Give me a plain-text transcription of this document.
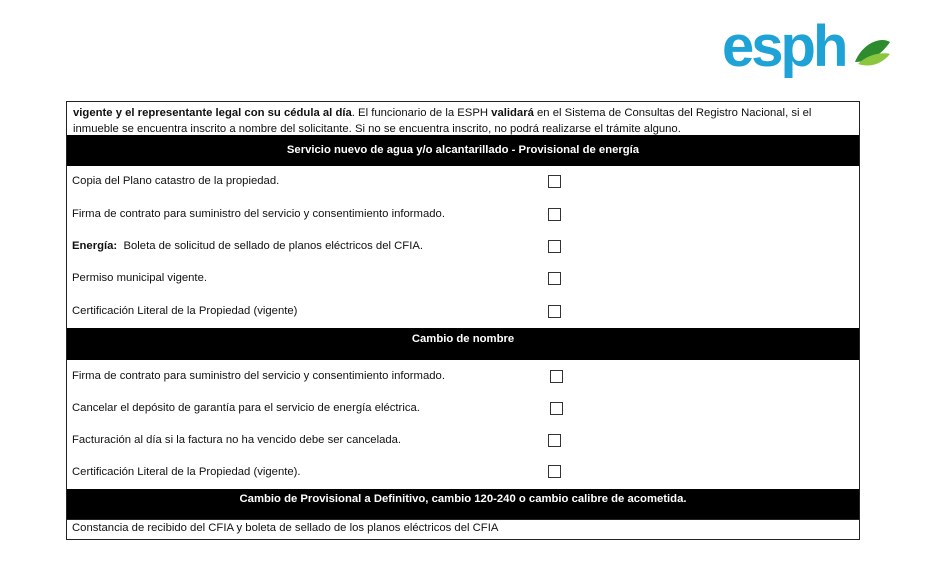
esph
vigente y el representante legal con su cédula al día. El funcionario de la ESPH validará en el Sistema de Consultas del Registro Nacional, si el inmueble se encuentra inscrito a nombre del solicitante. Si no se encuentra inscrito, no podrá realizarse el trámite alguno.
Servicio nuevo de agua y/o alcantarillado - Provisional de energía
Copia del Plano catastro de la propiedad.
Firma de contrato para suministro del servicio y consentimiento informado.
Energía:  Boleta de solicitud de sellado de planos eléctricos del CFIA.
Permiso municipal vigente.
Certificación Literal de la Propiedad (vigente)
Cambio de nombre
Firma de contrato para suministro del servicio y consentimiento informado.
Cancelar el depósito de garantía para el servicio de energía eléctrica.
Facturación al día si la factura no ha vencido debe ser cancelada.
Certificación Literal de la Propiedad (vigente).
Cambio de Provisional a Definitivo, cambio 120-240 o cambio calibre de acometida.
Constancia de recibido del CFIA y boleta de sellado de los planos eléctricos del CFIA
